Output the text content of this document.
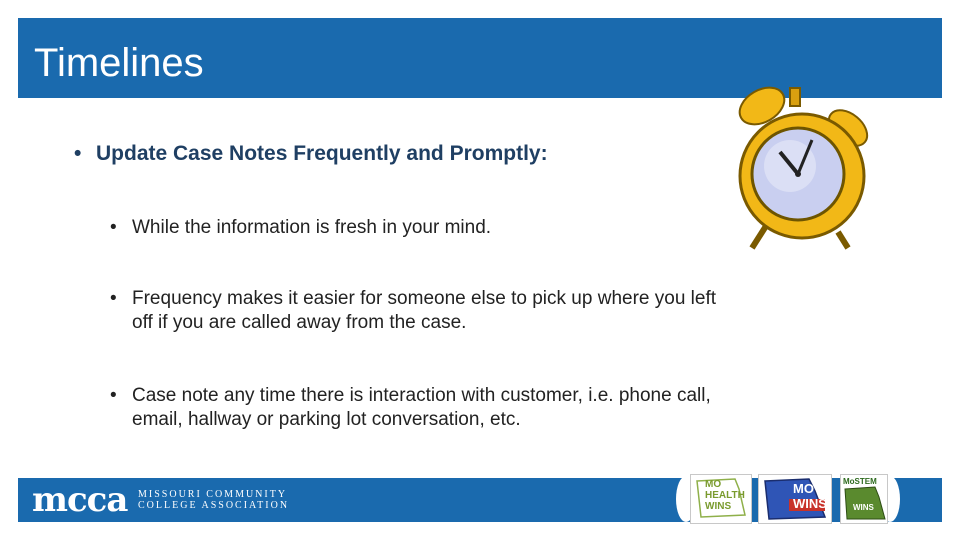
Timelines
• Update Case Notes Frequently and Promptly:
• While the information is fresh in your mind.
• Frequency makes it easier for someone else to pick up where you left
off if you are called away from the case.
• Case note any time there is interaction with customer, i.e. phone call,
email, hallway or parking lot conversation, etc.
mcca MISSOURI COMMUNITY
COLLEGE ASSOCIATION
MO
HEALTH
WINS
MO
WINS
MoSTEM
WINS
